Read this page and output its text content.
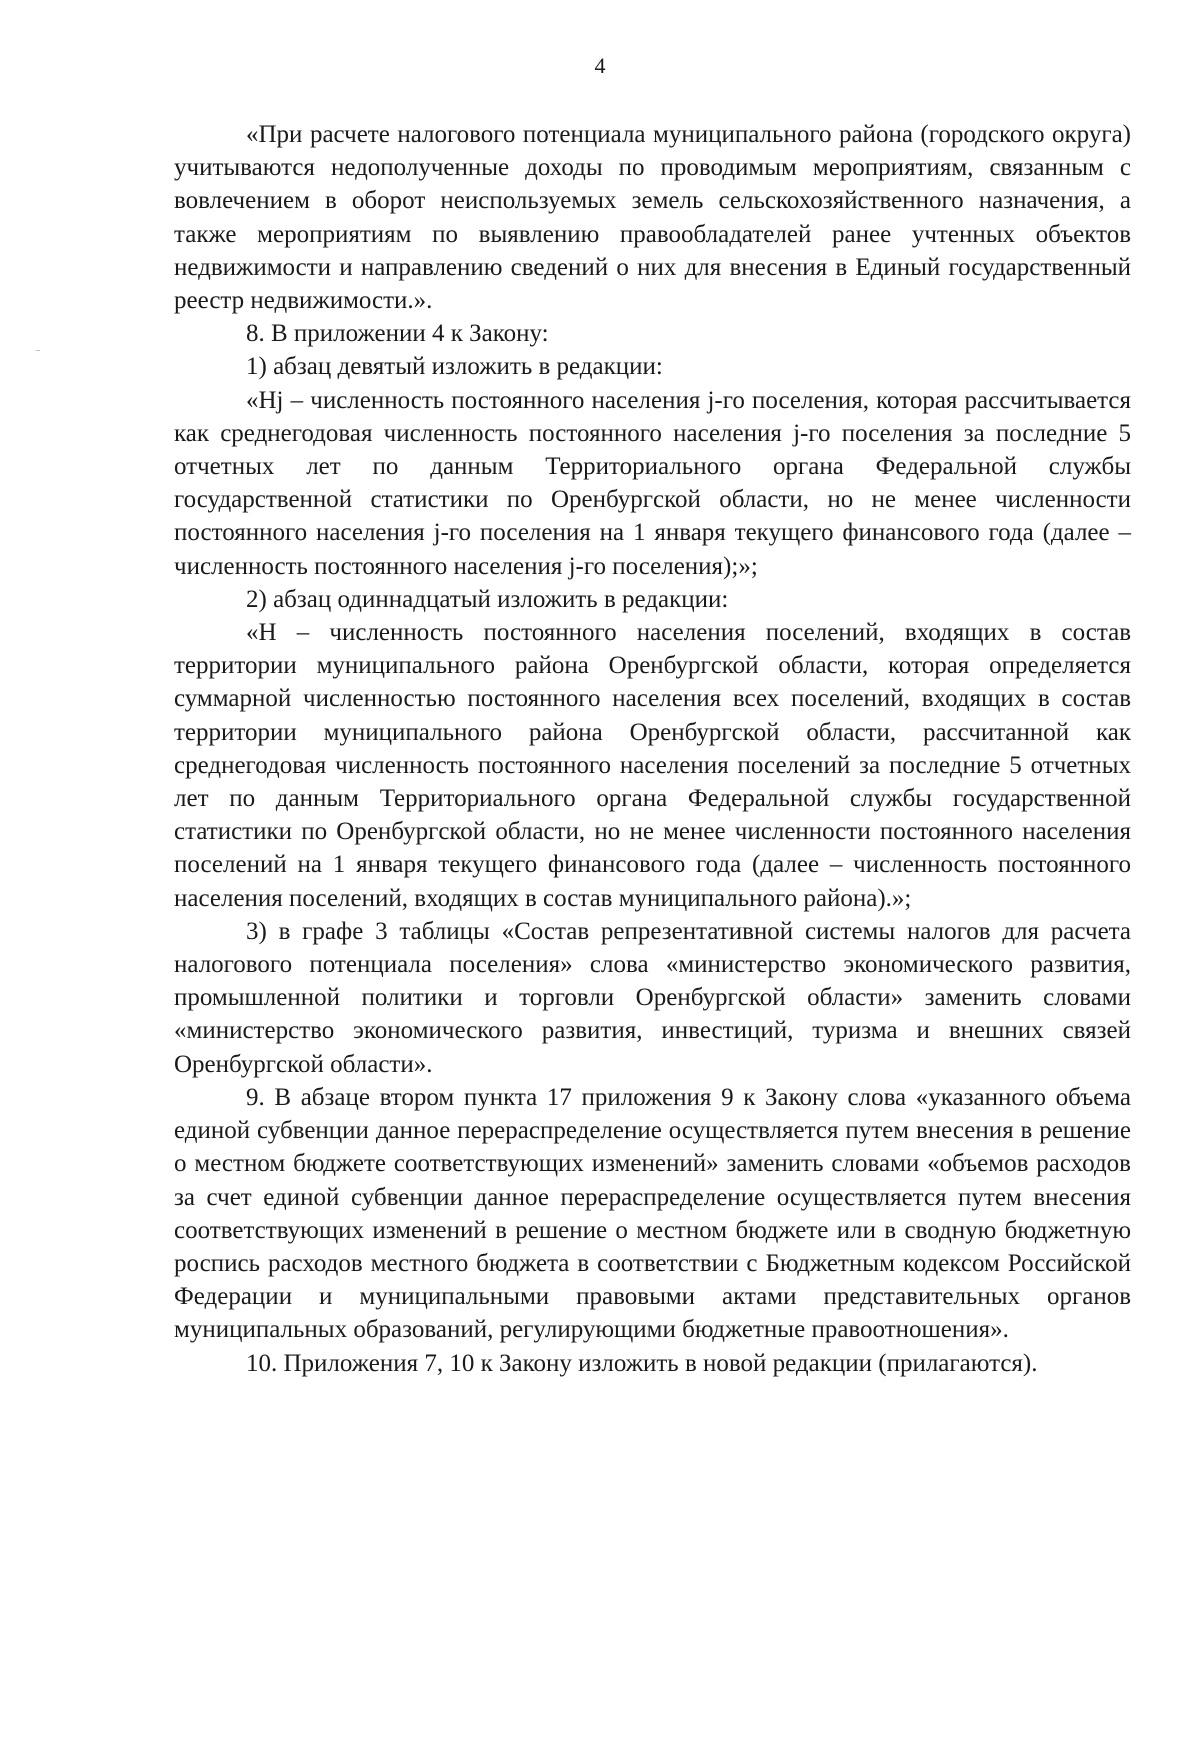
4

«При расчете налогового потенциала муниципального района (городского округа) учитываются недополученные доходы по проводимым мероприятиям, связанным с вовлечением в оборот неиспользуемых земель сельскохозяйственного назначения, а также мероприятиям по выявлению правообладателей ранее учтенных объектов недвижимости и направлению сведений о них для внесения в Единый государственный реестр недвижимости.».

8. В приложении 4 к Закону:

1) абзац девятый изложить в редакции:

«Hj – численность постоянного населения j-го поселения, которая рассчитывается как среднегодовая численность постоянного населения j-го поселения за последние 5 отчетных лет по данным Территориального органа Федеральной службы государственной статистики по Оренбургской области, но не менее численности постоянного населения j-го поселения на 1 января текущего финансового года (далее – численность постоянного населения j-го поселения);»;

2) абзац одиннадцатый изложить в редакции:

«Н – численность постоянного населения поселений, входящих в состав территории муниципального района Оренбургской области, которая определяется суммарной численностью постоянного населения всех поселений, входящих в состав территории муниципального района Оренбургской области, рассчитанной как среднегодовая численность постоянного населения поселений за последние 5 отчетных лет по данным Территориального органа Федеральной службы государственной статистики по Оренбургской области, но не менее численности постоянного населения поселений на 1 января текущего финансового года (далее – численность постоянного населения поселений, входящих в состав муниципального района).»;

3) в графе 3 таблицы «Состав репрезентативной системы налогов для расчета налогового потенциала поселения» слова «министерство экономического развития, промышленной политики и торговли Оренбургской области» заменить словами «министерство экономического развития, инвестиций, туризма и внешних связей Оренбургской области».

9. В абзаце втором пункта 17 приложения 9 к Закону слова «указанного объема единой субвенции данное перераспределение осуществляется путем внесения в решение о местном бюджете соответствующих изменений» заменить словами «объемов расходов за счет единой субвенции данное перераспределение осуществляется путем внесения соответствующих изменений в решение о местном бюджете или в сводную бюджетную роспись расходов местного бюджета в соответствии с Бюджетным кодексом Российской Федерации и муниципальными правовыми актами представительных органов муниципальных образований, регулирующими бюджетные правоотношения».

10. Приложения 7, 10 к Закону изложить в новой редакции (прилагаются).
